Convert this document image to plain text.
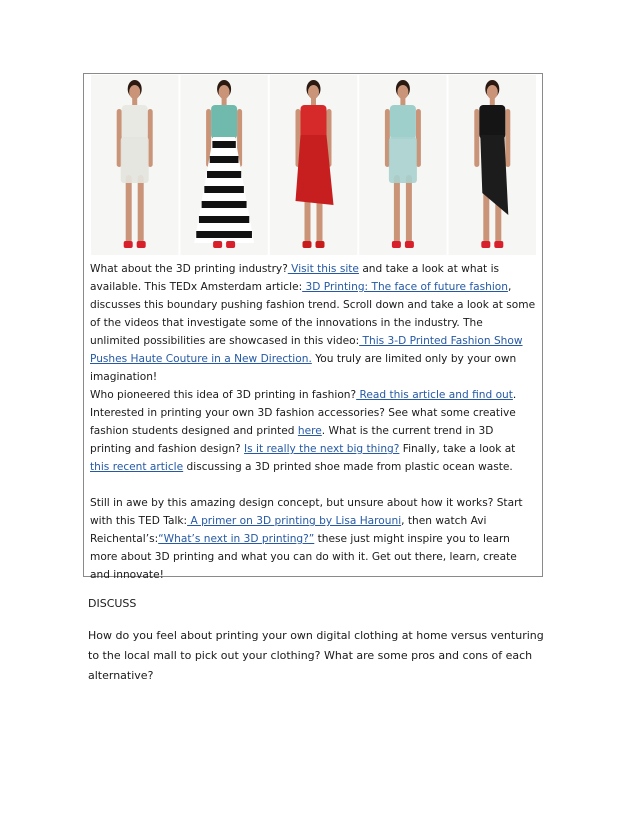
What about the 3D printing industry? Visit this site and take a look at what is available. This TEDx Amsterdam article: 3D Printing: The face of future fashion, discusses this boundary pushing fashion trend. Scroll down and take a look at some of the videos that investigate some of the innovations in the industry. The unlimited possibilities are showcased in this video: This 3-D Printed Fashion Show Pushes Haute Couture in a New Direction. You truly are limited only by your own imagination!

Who pioneered this idea of 3D printing in fashion? Read this article and find out. Interested in printing your own 3D fashion accessories? See what some creative fashion students designed and printed here. What is the current trend in 3D printing and fashion design? Is it really the next big thing? Finally, take a look at this recent article discussing a 3D printed shoe made from plastic ocean waste.

Still in awe by this amazing design concept, but unsure about how it works? Start with this TED Talk: A primer on 3D printing by Lisa Harouni, then watch Avi Reichental’s:“What’s next in 3D printing?” these just might inspire you to learn more about 3D printing and what you can do with it. Get out there, learn, create and innovate!

DISCUSS
How do you feel about printing your own digital clothing at home versus venturing to the local mall to pick out your clothing? What are some pros and cons of each alternative?
